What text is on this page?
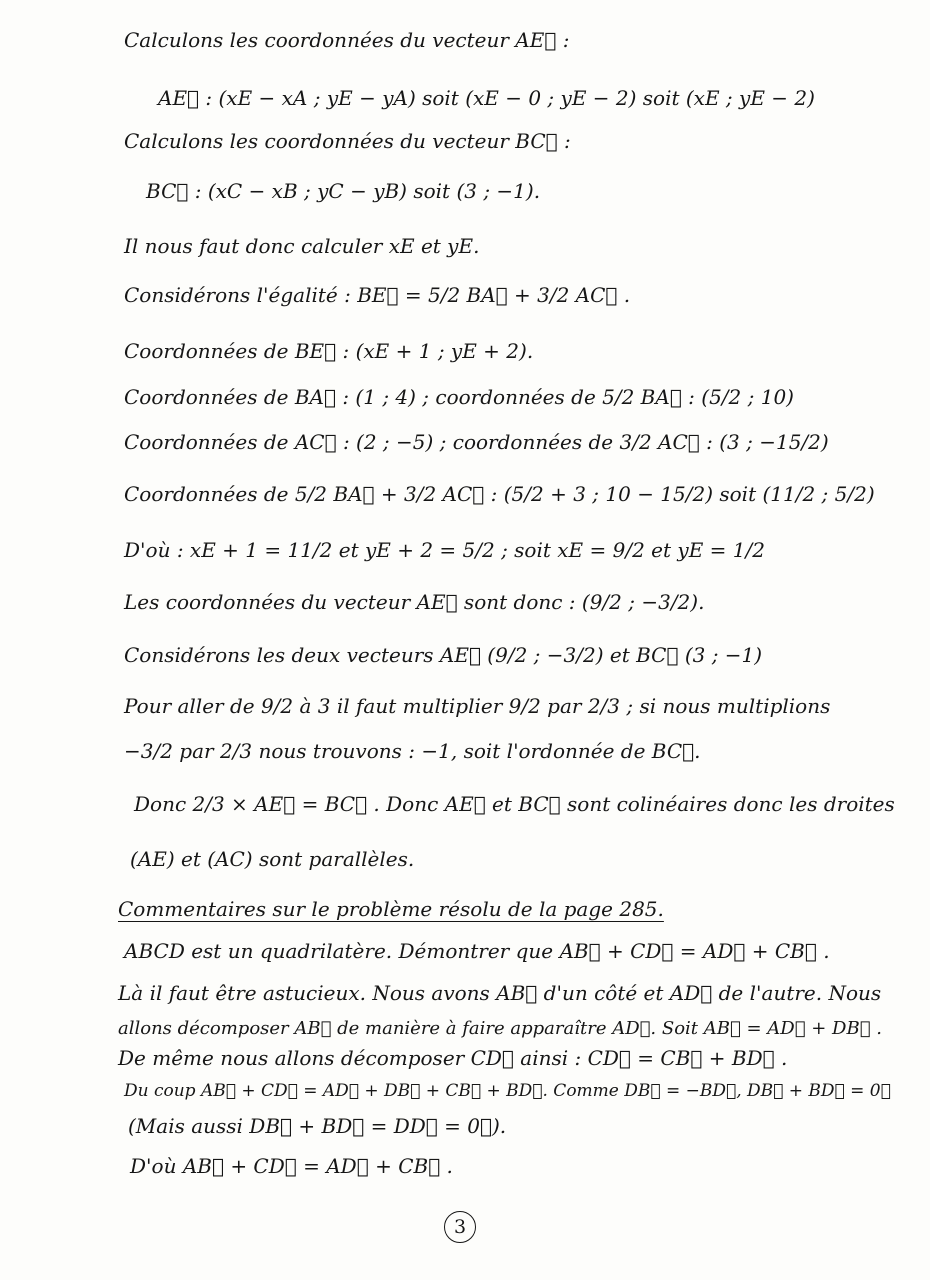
Calculons les coordonnées du vecteur AE⃗ :
AE⃗ : (xE − xA ; yE − yA) soit (xE − 0 ; yE − 2) soit (xE ; yE − 2)
Calculons les coordonnées du vecteur BC⃗ :
BC⃗ : (xC − xB ; yC − yB) soit (3 ; −1).
Il nous faut donc calculer xE et yE.
Considérons l'égalité : BE⃗ = 5/2 BA⃗ + 3/2 AC⃗ .
Coordonnées de BE⃗ : (xE + 1 ; yE + 2).
Coordonnées de BA⃗ : (1 ; 4) ; coordonnées de 5/2 BA⃗ : (5/2 ; 10)
Coordonnées de AC⃗ : (2 ; −5) ; coordonnées de 3/2 AC⃗ : (3 ; −15/2)
Coordonnées de 5/2 BA⃗ + 3/2 AC⃗ : (5/2 + 3 ; 10 − 15/2) soit (11/2 ; 5/2)
D'où : xE + 1 = 11/2 et yE + 2 = 5/2 ; soit xE = 9/2 et yE = 1/2
Les coordonnées du vecteur AE⃗ sont donc : (9/2 ; −3/2).
Considérons les deux vecteurs AE⃗ (9/2 ; −3/2) et BC⃗ (3 ; −1)
Pour aller de 9/2 à 3 il faut multiplier 9/2 par 2/3 ; si nous multiplions
−3/2 par 2/3 nous trouvons : −1, soit l'ordonnée de BC⃗.
Donc 2/3 × AE⃗ = BC⃗ . Donc AE⃗ et BC⃗ sont colinéaires donc les droites
(AE) et (AC) sont parallèles.
Commentaires sur le problème résolu de la page 285.
ABCD est un quadrilatère. Démontrer que AB⃗ + CD⃗ = AD⃗ + CB⃗ .
Là il faut être astucieux. Nous avons AB⃗ d'un côté et AD⃗ de l'autre. Nous
allons décomposer AB⃗ de manière à faire apparaître AD⃗. Soit AB⃗ = AD⃗ + DB⃗ .
De même nous allons décomposer CD⃗ ainsi : CD⃗ = CB⃗ + BD⃗ .
Du coup AB⃗ + CD⃗ = AD⃗ + DB⃗ + CB⃗ + BD⃗. Comme DB⃗ = −BD⃗, DB⃗ + BD⃗ = 0⃗
(Mais aussi DB⃗ + BD⃗ = DD⃗ = 0⃗).
D'où AB⃗ + CD⃗ = AD⃗ + CB⃗ .
3
